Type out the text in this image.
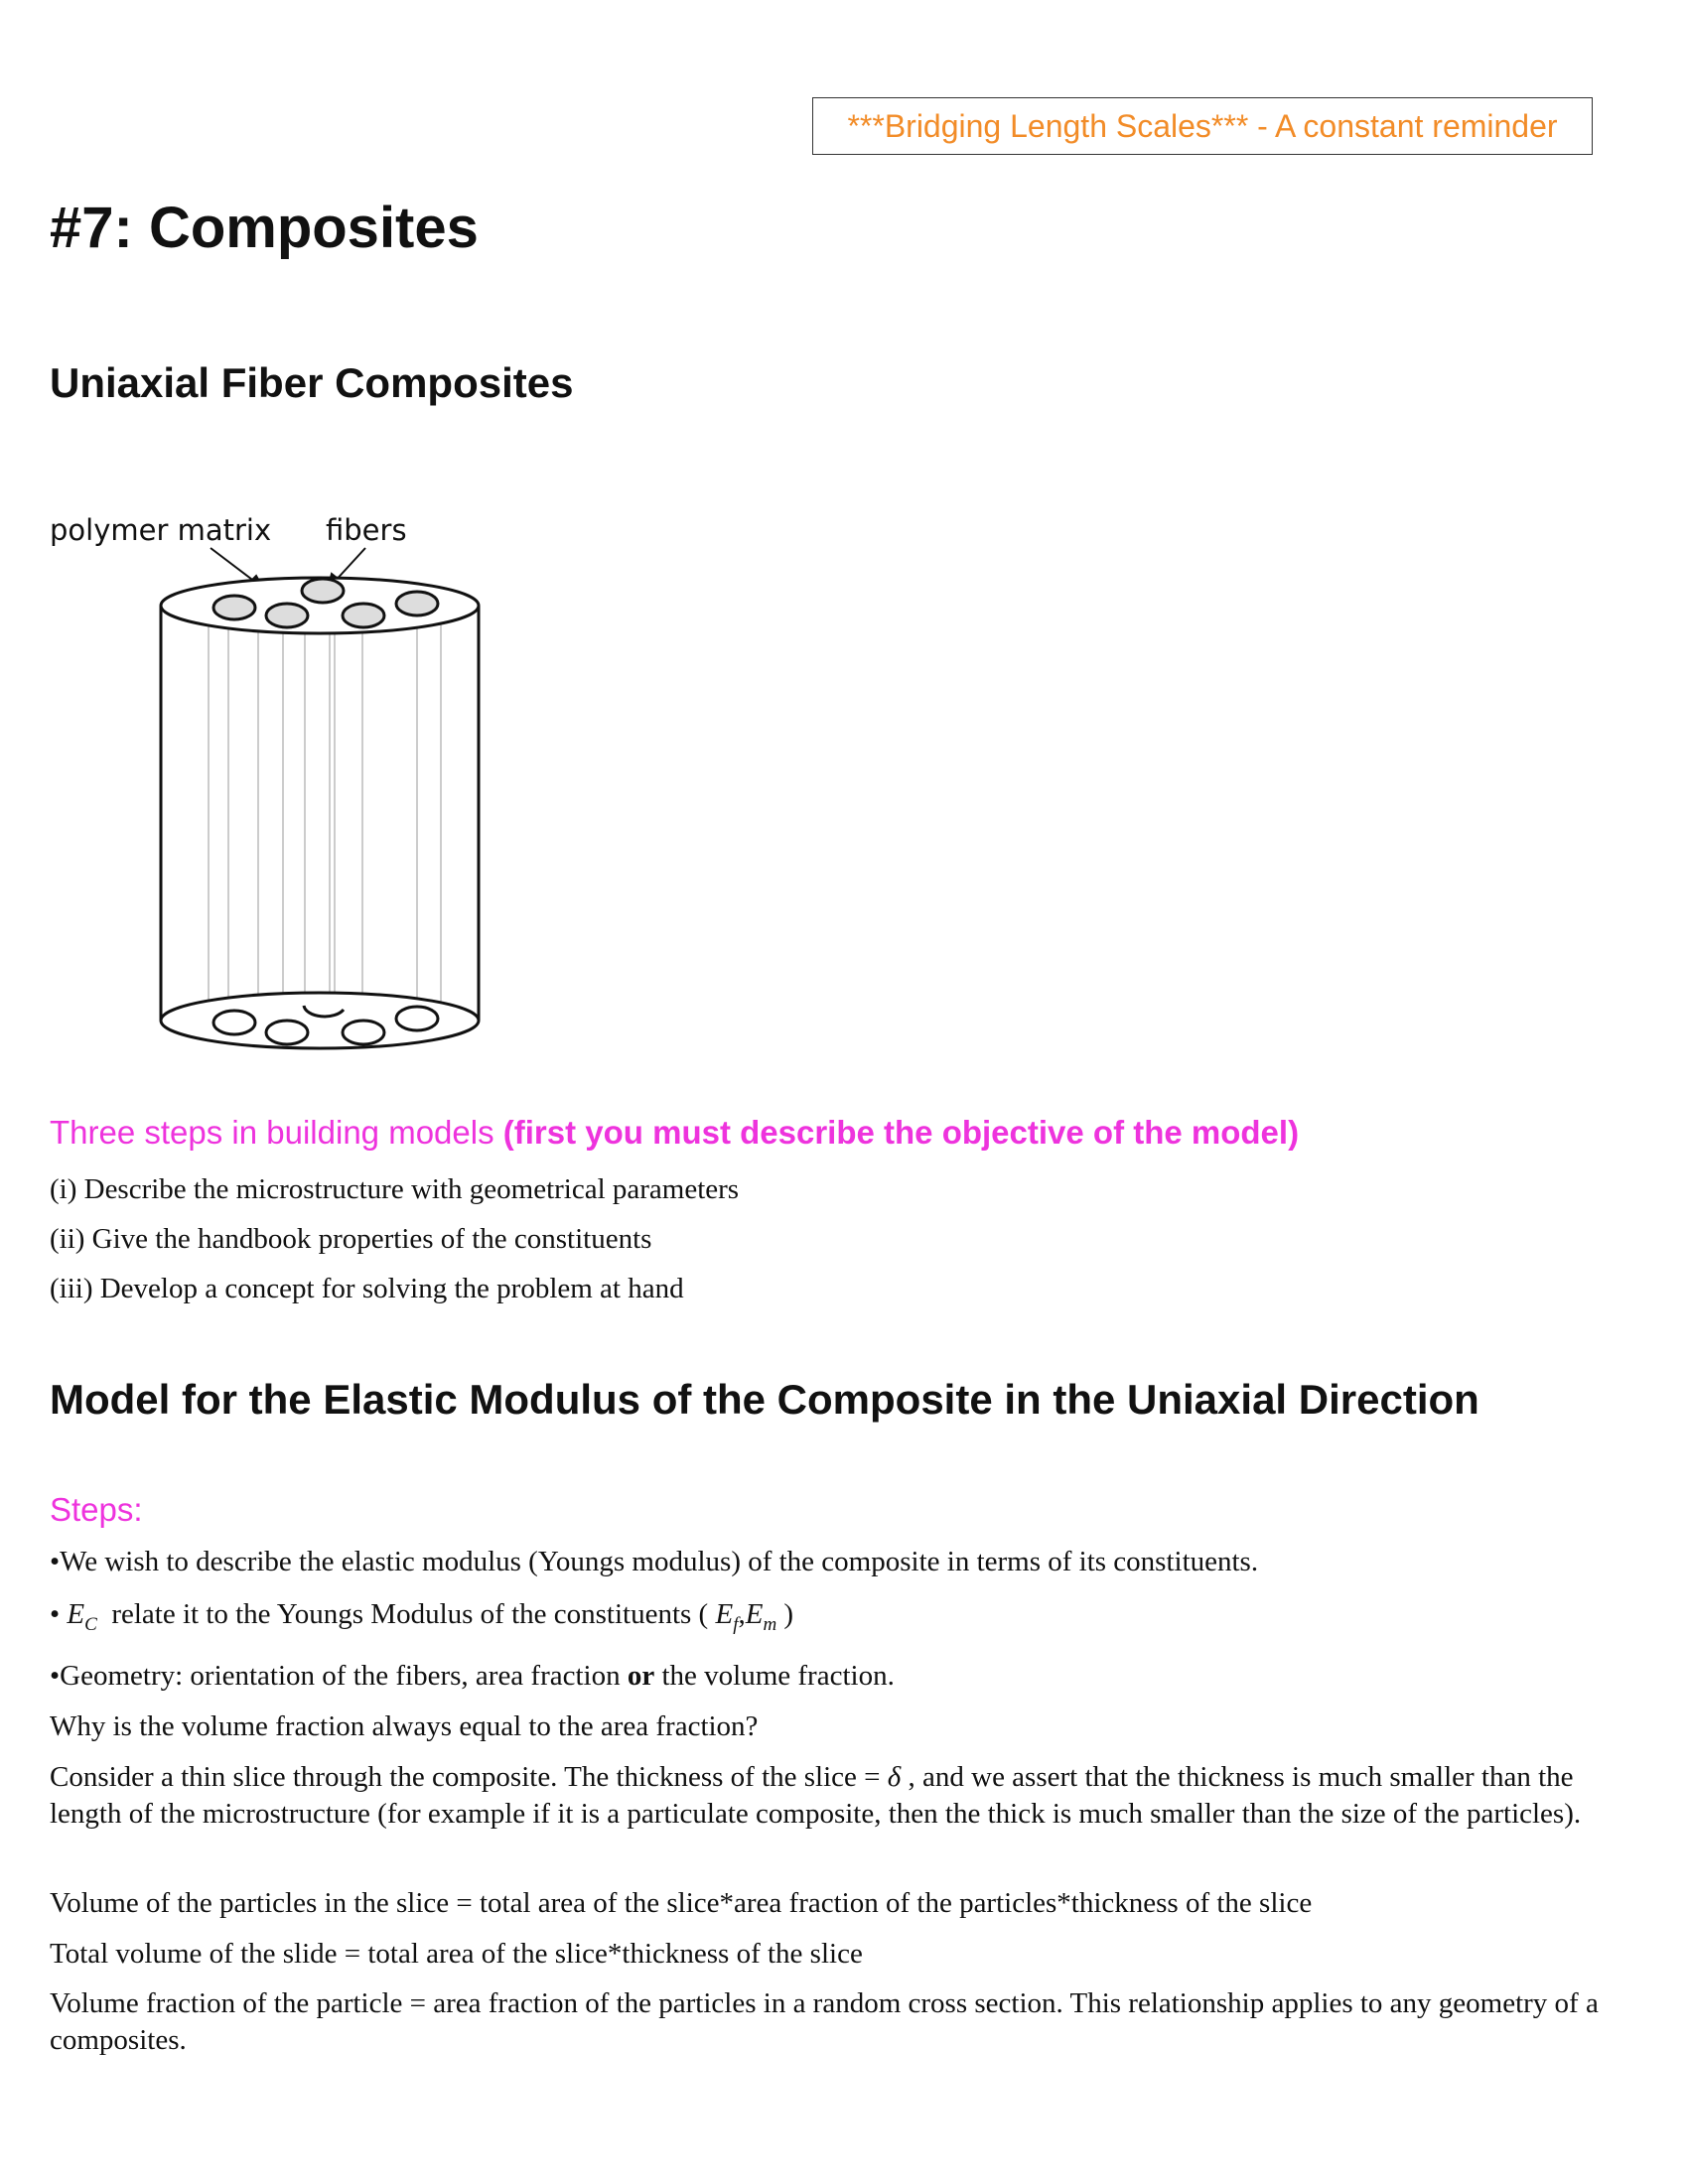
***Bridging Length Scales*** - A constant reminder
#7: Composites
Uniaxial Fiber Composites
polymer matrix fibers
Three steps in building models (first you must describe the objective of the model)
(i) Describe the microstructure with geometrical parameters
(ii) Give the handbook properties of the constituents
(iii) Develop a concept for solving the problem at hand
Model for the Elastic Modulus of the Composite in the Uniaxial Direction
Steps:
•We wish to describe the elastic modulus (Youngs modulus) of the composite in terms of its constituents.
• $E_C$ relate it to the Youngs Modulus of the constituents ( $E_f,E_m$ )
•Geometry: orientation of the fibers, area fraction or the volume fraction.
Why is the volume fraction always equal to the area fraction?
Consider a thin slice through the composite. The thickness of the slice = δ , and we assert that the thickness is much smaller than the length of the microstructure (for example if it is a particulate composite, then the thick is much smaller than the size of the particles).
Volume of the particles in the slice = total area of the slice*area fraction of the particles*thickness of the slice
Total volume of the slide = total area of the slice*thickness of the slice
Volume fraction of the particle = area fraction of the particles in a random cross section. This relationship applies to any geometry of a composites.
